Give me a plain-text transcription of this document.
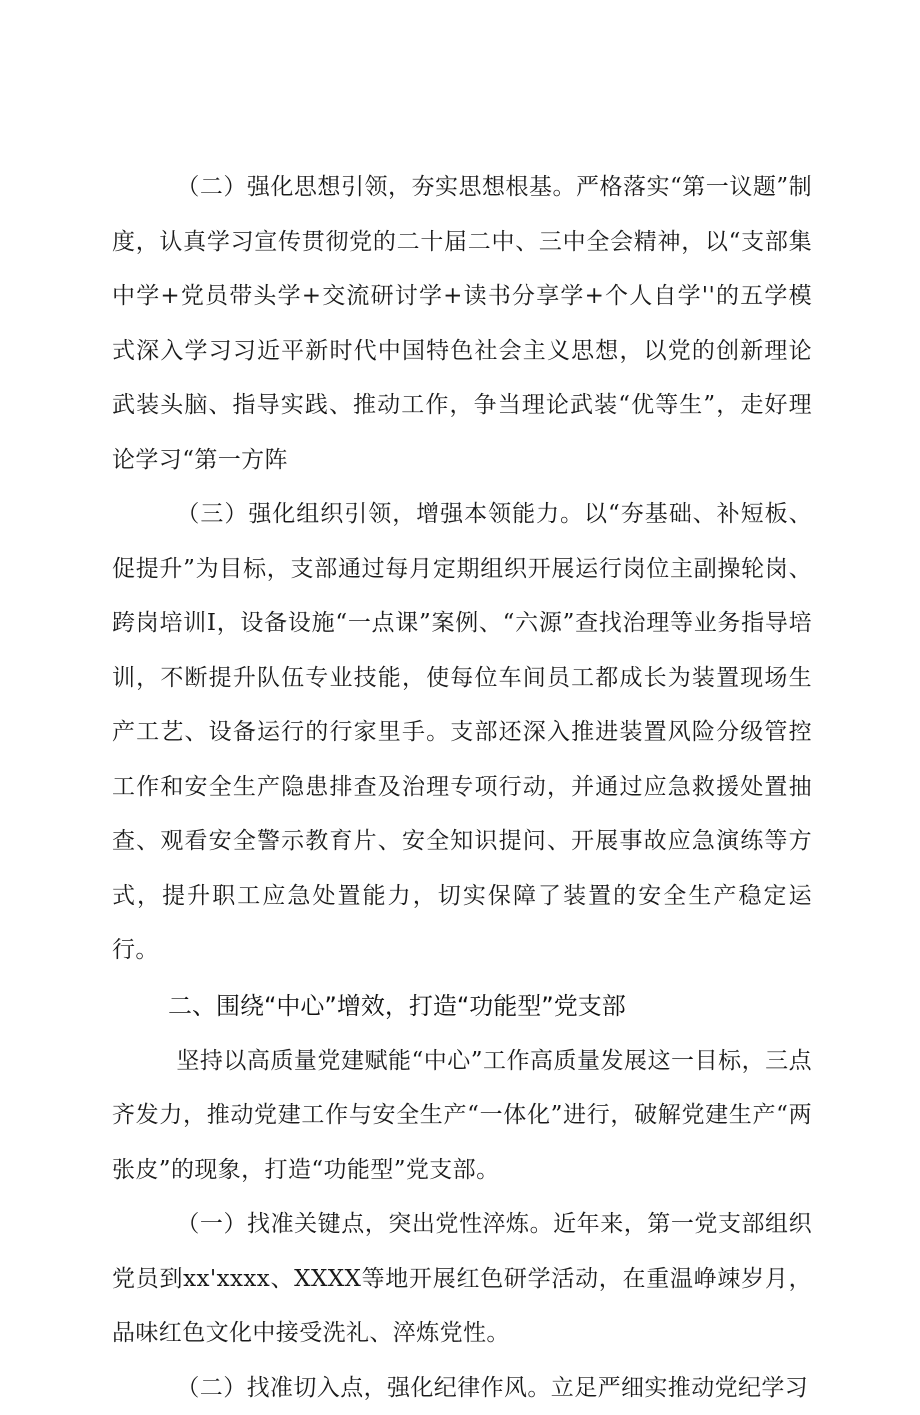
（二）强化思想引领，夯实思想根基。严格落实“第一议题”制度，认真学习宣传贯彻党的二十届二中、三中全会精神，以“支部集中学+党员带头学+交流研讨学+读书分享学+个人自学''的五学模式深入学习习近平新时代中国特色社会主义思想，以党的创新理论武装头脑、指导实践、推动工作，争当理论武装“优等生”，走好理论学习“第一方阵

（三）强化组织引领，增强本领能力。以“夯基础、补短板、促提升”为目标，支部通过每月定期组织开展运行岗位主副操轮岗、跨岗培训I，设备设施“一点课”案例、“六源”查找治理等业务指导培训，不断提升队伍专业技能，使每位车间员工都成长为装置现场生产工艺、设备运行的行家里手。支部还深入推进装置风险分级管控工作和安全生产隐患排查及治理专项行动，并通过应急救援处置抽查、观看安全警示教育片、安全知识提问、开展事故应急演练等方式，提升职工应急处置能力，切实保障了装置的安全生产稳定运行。

二、围绕“中心”增效，打造“功能型”党支部

坚持以高质量党建赋能“中心”工作高质量发展这一目标，三点齐发力，推动党建工作与安全生产“一体化”进行，破解党建生产“两张皮”的现象，打造“功能型”党支部。

（一）找准关键点，突出党性淬炼。近年来，第一党支部组织党员到xx'xxxx、XXXX等地开展红色研学活动，在重温峥竦岁月，品味红色文化中接受洗礼、淬炼党性。

（二）找准切入点，强化纪律作风。立足严细实推动党纪学习
